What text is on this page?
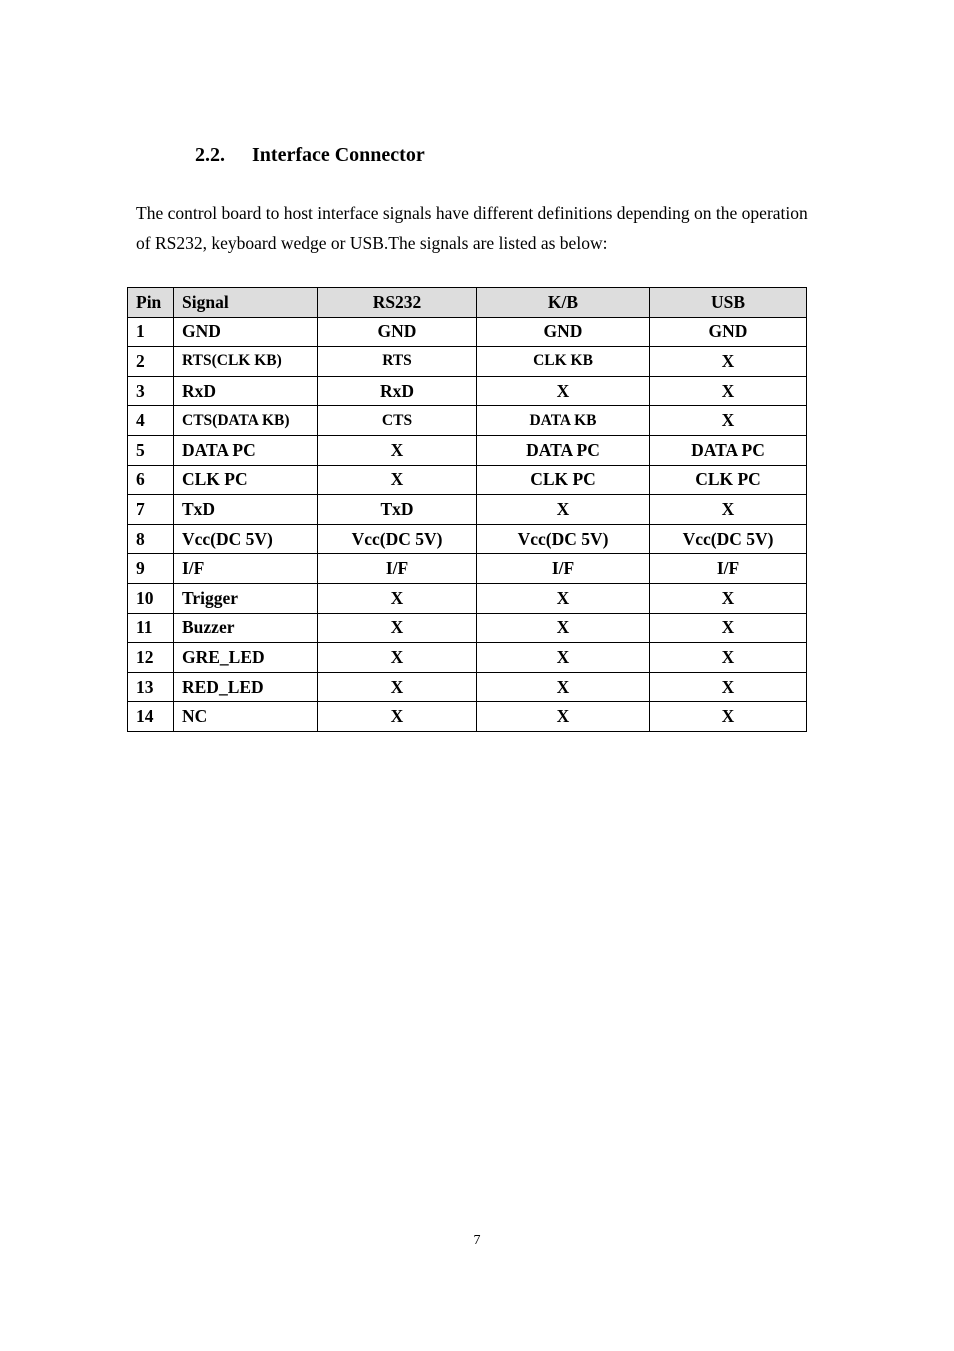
2.2. Interface Connector

The control board to host interface signals have different definitions depending on the operation of RS232, keyboard wedge or USB.The signals are listed as below:

Pin	Signal	RS232	K/B	USB
1	GND	GND	GND	GND
2	RTS(CLK KB)	RTS	CLK KB	X
3	RxD	RxD	X	X
4	CTS(DATA KB)	CTS	DATA KB	X
5	DATA PC	X	DATA PC	DATA PC
6	CLK PC	X	CLK PC	CLK PC
7	TxD	TxD	X	X
8	Vcc(DC 5V)	Vcc(DC 5V)	Vcc(DC 5V)	Vcc(DC 5V)
9	I/F	I/F	I/F	I/F
10	Trigger	X	X	X
11	Buzzer	X	X	X
12	GRE_LED	X	X	X
13	RED_LED	X	X	X
14	NC	X	X	X
7
